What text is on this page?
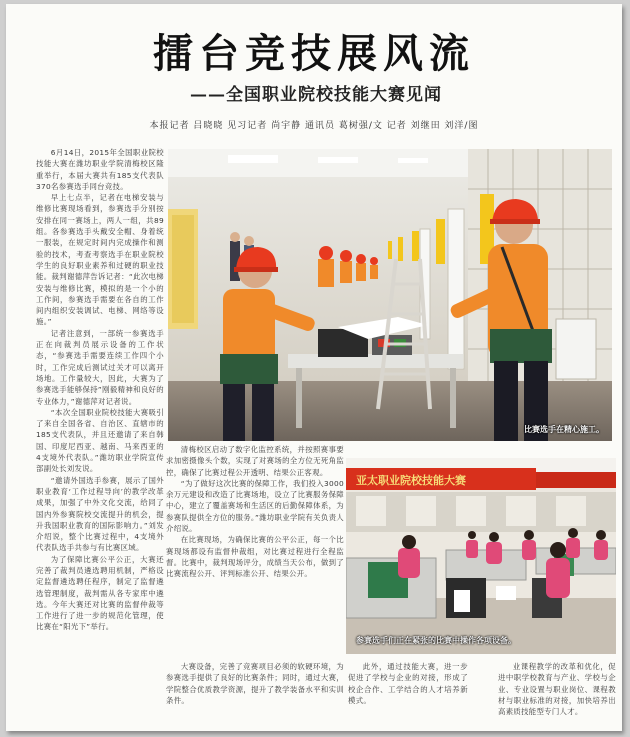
擂台竞技展风流
——全国职业院校技能大赛见闻
本报记者 吕晓晓 见习记者 尚宇静 通讯员 葛树强/文 记者 刘继田 刘洋/图

6月14日，2015年全国职业院校技能大赛在潍坊职业学院清梅校区隆重举行，本届大赛共有185支代表队370名参赛选手同台竞技。

早上七点半，记者在电梯安装与维修比赛现场看到，参赛选手分别按安排在同一赛场上，两人一组，共89组。各参赛选手头戴安全帽、身着统一服装，在规定时间内完成操作和测验的技术，考查考察选手在职业院校学生的良好职业素养和过硬的职业技能。裁判谢德萍告诉记者：“此次电梯安装与维修比赛，模拟的是一个小的工作间，参赛选手需要在各自的工作间内组织安装调试、电梯、网络等设施。”

记者注意到，一部统一参赛选手正在向裁判员展示设备的工作状态，“参赛选手需要连续工作四个小时，工作完成后测试过关才可以离开场地。工作量较大，因此，大赛为了参赛选手能够保持”刚毅精神和良好的专业体力，”谢德萍对记者说。

“本次全国职业院校技能大赛吸引了来自全国各省、自治区、直辖市的185支代表队，并且还邀请了来自韩国、印度尼西亚、越南、马来西亚的4支境外代表队。”潍坊职业学院宣传部副处长刘发说。

“邀请外国选手参赛，展示了国外职业教育‘工作过程导向’的教学改革成果，加强了中外文化交流，给同了国内外参赛院校交流提升的机会，提升我国职业教育的国际影响力。”刘发介绍说，整个比赛过程中，4支境外代表队选手共参与有比赛区域。

为了保障比赛公平公正，大赛还完善了裁判员遴选聘用机制，严格设定监督遴选聘任程序，制定了监督遴选管理制度，裁判需从各专家库中遴选。今年大赛还对比赛的监督仲裁等工作进行了进一步的规范化管理，使比赛在“阳光下”举行。

比赛选手在精心施工。

清梅校区启动了数字化监控系统，并按照赛事要求加密摄像头个数，实现了对赛场的全方位无死角监控，确保了比赛过程公开透明、结果公正客观。

“为了做好这次比赛的保障工作，我们投入3000余万元建设和改造了比赛场地，设立了比赛服务保障中心，建立了覆盖赛场和生活区的后勤保障体系，为参赛队提供全方位的服务。”潍坊职业学院有关负责人介绍说。

在比赛现场，为确保比赛的公平公正，每一个比赛现场都设有监督仲裁组，对比赛过程进行全程监督。比赛中，裁判现场评分，成绩当天公布，做到了比赛流程公开、评判标准公开、结果公开。

亚太职业院校技能大赛
参赛选手们正在紧张的比赛中操作各项设备。

大赛设备，完善了竞赛项目必须的软硬环境，为参赛选手提供了良好的比赛条件；同时，通过大赛，学院整合优质教学资源，提升了教学装备水平和实训条件。

此外，通过技能大赛，进一步促进了学校与企业的对接，形成了校企合作、工学结合的人才培养新模式。

业课程教学的改革和优化，促进中职学校教育与产业、学校与企业、专业设置与职业岗位、课程教材与职业标准的对接，加快培养出高素质技能型专门人才。
